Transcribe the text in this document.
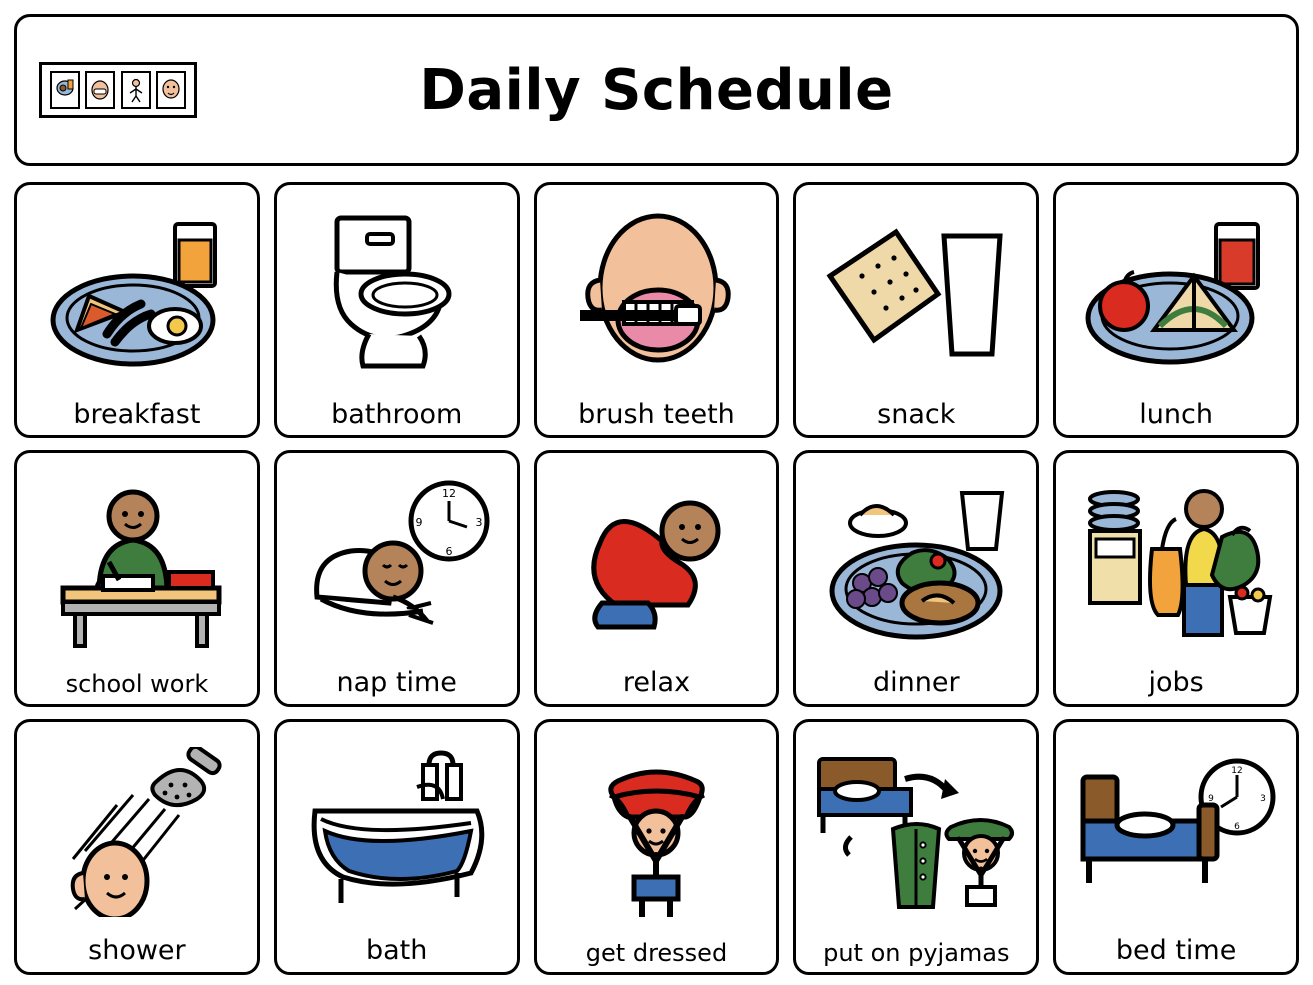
Daily Schedule
breakfast	bathroom	brush teeth	snack	lunch
school work
12
3
6
9
nap time	relax	dinner	jobs
shower	bath	get dressed	put on pyjamas
12
3
6
9
bed time
